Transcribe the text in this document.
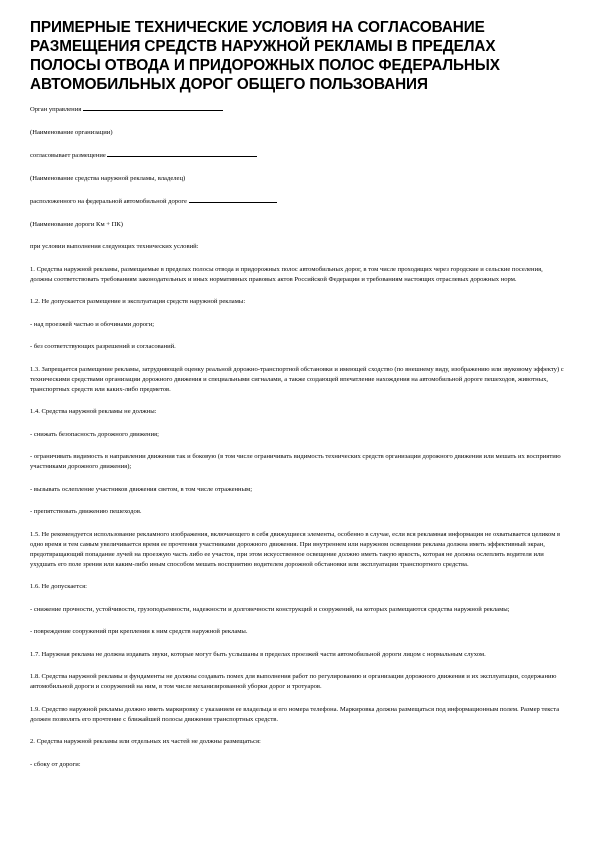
ПРИМЕРНЫЕ ТЕХНИЧЕСКИЕ УСЛОВИЯ НА СОГЛАСОВАНИЕ РАЗМЕЩЕНИЯ СРЕДСТВ НАРУЖНОЙ РЕКЛАМЫ В ПРЕДЕЛАХ ПОЛОСЫ ОТВОДА И ПРИДОРОЖНЫХ ПОЛОС ФЕДЕРАЛЬНЫХ АВТОМОБИЛЬНЫХ ДОРОГ ОБЩЕГО ПОЛЬЗОВАНИЯ

Орган управления

(Наименование организации)

согласовывает размещение

(Наименование средства наружной рекламы, владелец)

расположенного на федеральной автомобильной дороге

(Наименование дороги Км + ПК)

при условии выполнения следующих технических условий:

1. Средства наружной рекламы, размещаемые в пределах полосы отвода и придорожных полос автомобильных дорог, в том числе проходящих через городские и сельские поселения, должны соответствовать требованиям законодательных и иных нормативных правовых актов Российской Федерации и требованиям настоящих отраслевых дорожных норм.

1.2. Не допускается размещение и эксплуатация средств наружной рекламы:

- над проезжей частью и обочинами дороги;

- без соответствующих разрешений и согласований.

1.3. Запрещается размещение рекламы, затрудняющей оценку реальной дорожно-транспортной обстановки и имеющей сходство (по внешнему виду, изображению или звуковому эффекту) с техническими средствами организации дорожного движения и специальными сигналами, а также создающей впечатление нахождения на автомобильной дороге пешеходов, животных, транспортных средств или каких-либо предметов.

1.4. Средства наружной рекламы не должны:

- снижать безопасность дорожного движения;

- ограничивать видимость в направлении движения так и боковую (в том числе ограничивать видимость технических средств организации дорожного движения или мешать их восприятию участниками дорожного движения);

- вызывать ослепление участников движения светом, в том числе отраженным;

- препятствовать движению пешеходов.

1.5. Не рекомендуется использование рекламного изображения, включающего в себя движущиеся элементы, особенно в случае, если вся рекламная информация не охватывается целиком в одно время и тем самым увеличивается время ее прочтения участниками дорожного движения. При внутреннем или наружном освещении реклама должна иметь эффективный экран, предотвращающий попадание лучей на проезжую часть либо ее участок, при этом искусственное освещение должно иметь такую яркость, которая не должна ослеплять водителя или ухудшать его поле зрения или каким-либо иным способом мешать восприятию водителем дорожной обстановки или эксплуатации транспортного средства.

1.6. Не допускается:

- снижение прочности, устойчивости, грузоподъемности, надежности и долговечности конструкций и сооружений, на которых размещаются средства наружной рекламы;

- повреждение сооружений при креплении к ним средств наружной рекламы.

1.7. Наружная реклама не должна издавать звуки, которые могут быть услышаны в пределах проезжей части автомобильной дороги лицом с нормальным слухом.

1.8. Средства наружной рекламы и фундаменты не должны создавать помех для выполнения работ по регулированию и организации дорожного движения и их эксплуатации, содержанию автомобильной дороги и сооружений на ним, в том числе механизированной уборки дорог и тротуаров.

1.9. Средство наружной рекламы должно иметь маркировку с указанием ее владельца и его номера телефона. Маркировка должна размещаться под информационным полем. Размер текста должен позволять его прочтение с ближайшей полосы движения транспортных средств.

2. Средства наружной рекламы или отдельных их частей не должны размещаться:

- сбоку от дороги:
